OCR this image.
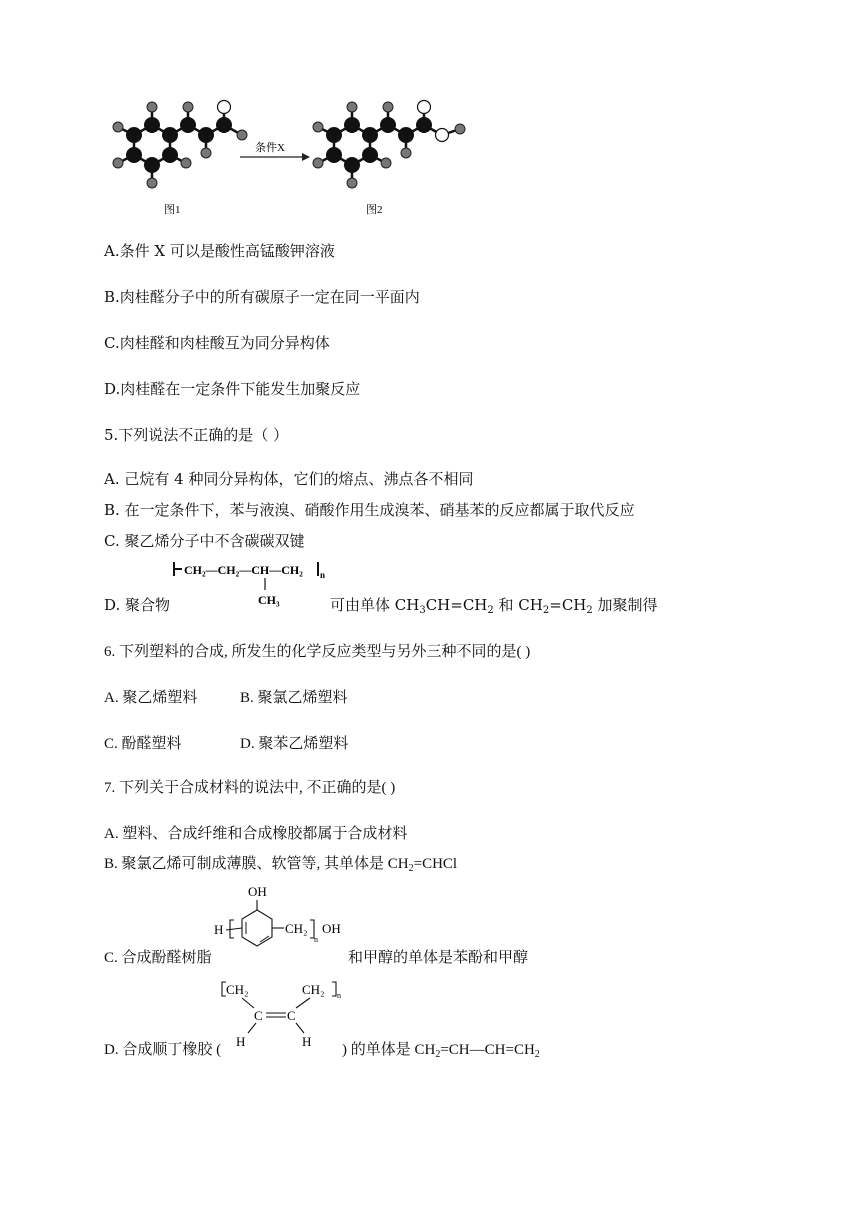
条件X
图1	图2
A.条件 X 可以是酸性高锰酸钾溶液
B.肉桂醛分子中的所有碳原子一定在同一平面内
C.肉桂醛和肉桂酸互为同分异构体
D.肉桂醛在一定条件下能发生加聚反应
5.下列说法不正确的是（ ）
A. 己烷有 4 种同分异构体，它们的熔点、沸点各不相同
B. 在一定条件下，苯与液溴、硝酸作用生成溴苯、硝基苯的反应都属于取代反应
C. 聚乙烯分子中不含碳碳双键
CH₂—CH₂—CH—CH₂ n
CH₃
D. 聚合物	可由单体 $CH_3CH=CH_2$ 和 $CH_2=CH_2$ 加聚制得
6. 下列塑料的合成, 所发生的化学反应类型与另外三种不同的是( )
A. 聚乙烯塑料	B. 聚氯乙烯塑料
C. 酚醛塑料	D. 聚苯乙烯塑料
7. 下列关于合成材料的说法中, 不正确的是( )
A. 塑料、合成纤维和合成橡胶都属于合成材料
B. 聚氯乙烯可制成薄膜、软管等, 其单体是 $CH_2=CHCl$
OH
H	CH₂
n
OH
C. 合成酚醛树脂	和甲醇的单体是苯酚和甲醇
CH₂	CH₂ n
C C
H	H
D. 合成顺丁橡胶 (	) 的单体是 $CH_2=CH—CH=CH_2$
